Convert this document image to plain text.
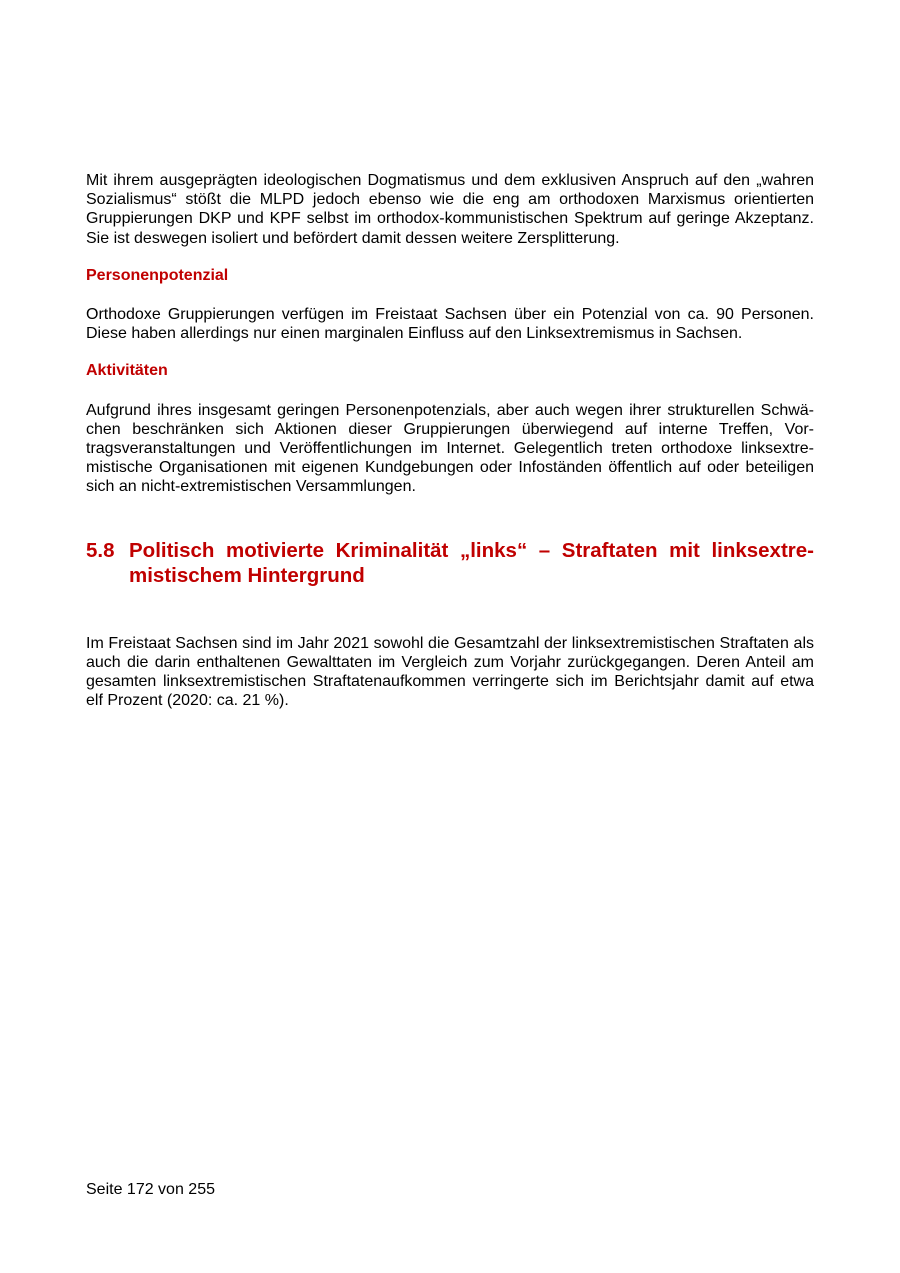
Mit ihrem ausgeprägten ideologischen Dogmatismus und dem exklusiven Anspruch auf den „wahren Sozialismus“ stößt die MLPD jedoch ebenso wie die eng am orthodoxen Marxismus orientierten Gruppierungen DKP und KPF selbst im orthodox-kommunistischen Spektrum auf geringe Akzeptanz. Sie ist deswegen isoliert und befördert damit dessen weitere Zersplitterung.

Personenpotenzial

Orthodoxe Gruppierungen verfügen im Freistaat Sachsen über ein Potenzial von ca. 90 Personen. Diese haben allerdings nur einen marginalen Einfluss auf den Linksextremismus in Sachsen.

Aktivitäten

Aufgrund ihres insgesamt geringen Personenpotenzials, aber auch wegen ihrer strukturellen Schwächen beschränken sich Aktionen dieser Gruppierungen überwiegend auf interne Treffen, Vortragsveranstaltungen und Veröffentlichungen im Internet. Gelegentlich treten orthodoxe linksextremistische Organisationen mit eigenen Kundgebungen oder Infoständen öffentlich auf oder beteiligen sich an nicht-extremistischen Versammlungen.

5.8 Politisch motivierte Kriminalität „links“ – Straftaten mit linksextremistischem Hintergrund

Im Freistaat Sachsen sind im Jahr 2021 sowohl die Gesamtzahl der linksextremistischen Straftaten als auch die darin enthaltenen Gewalttaten im Vergleich zum Vorjahr zurückgegangen. Deren Anteil am gesamten linksextremistischen Straftatenaufkommen verringerte sich im Berichtsjahr damit auf etwa elf Prozent (2020: ca. 21 %).

Seite 172 von 255
